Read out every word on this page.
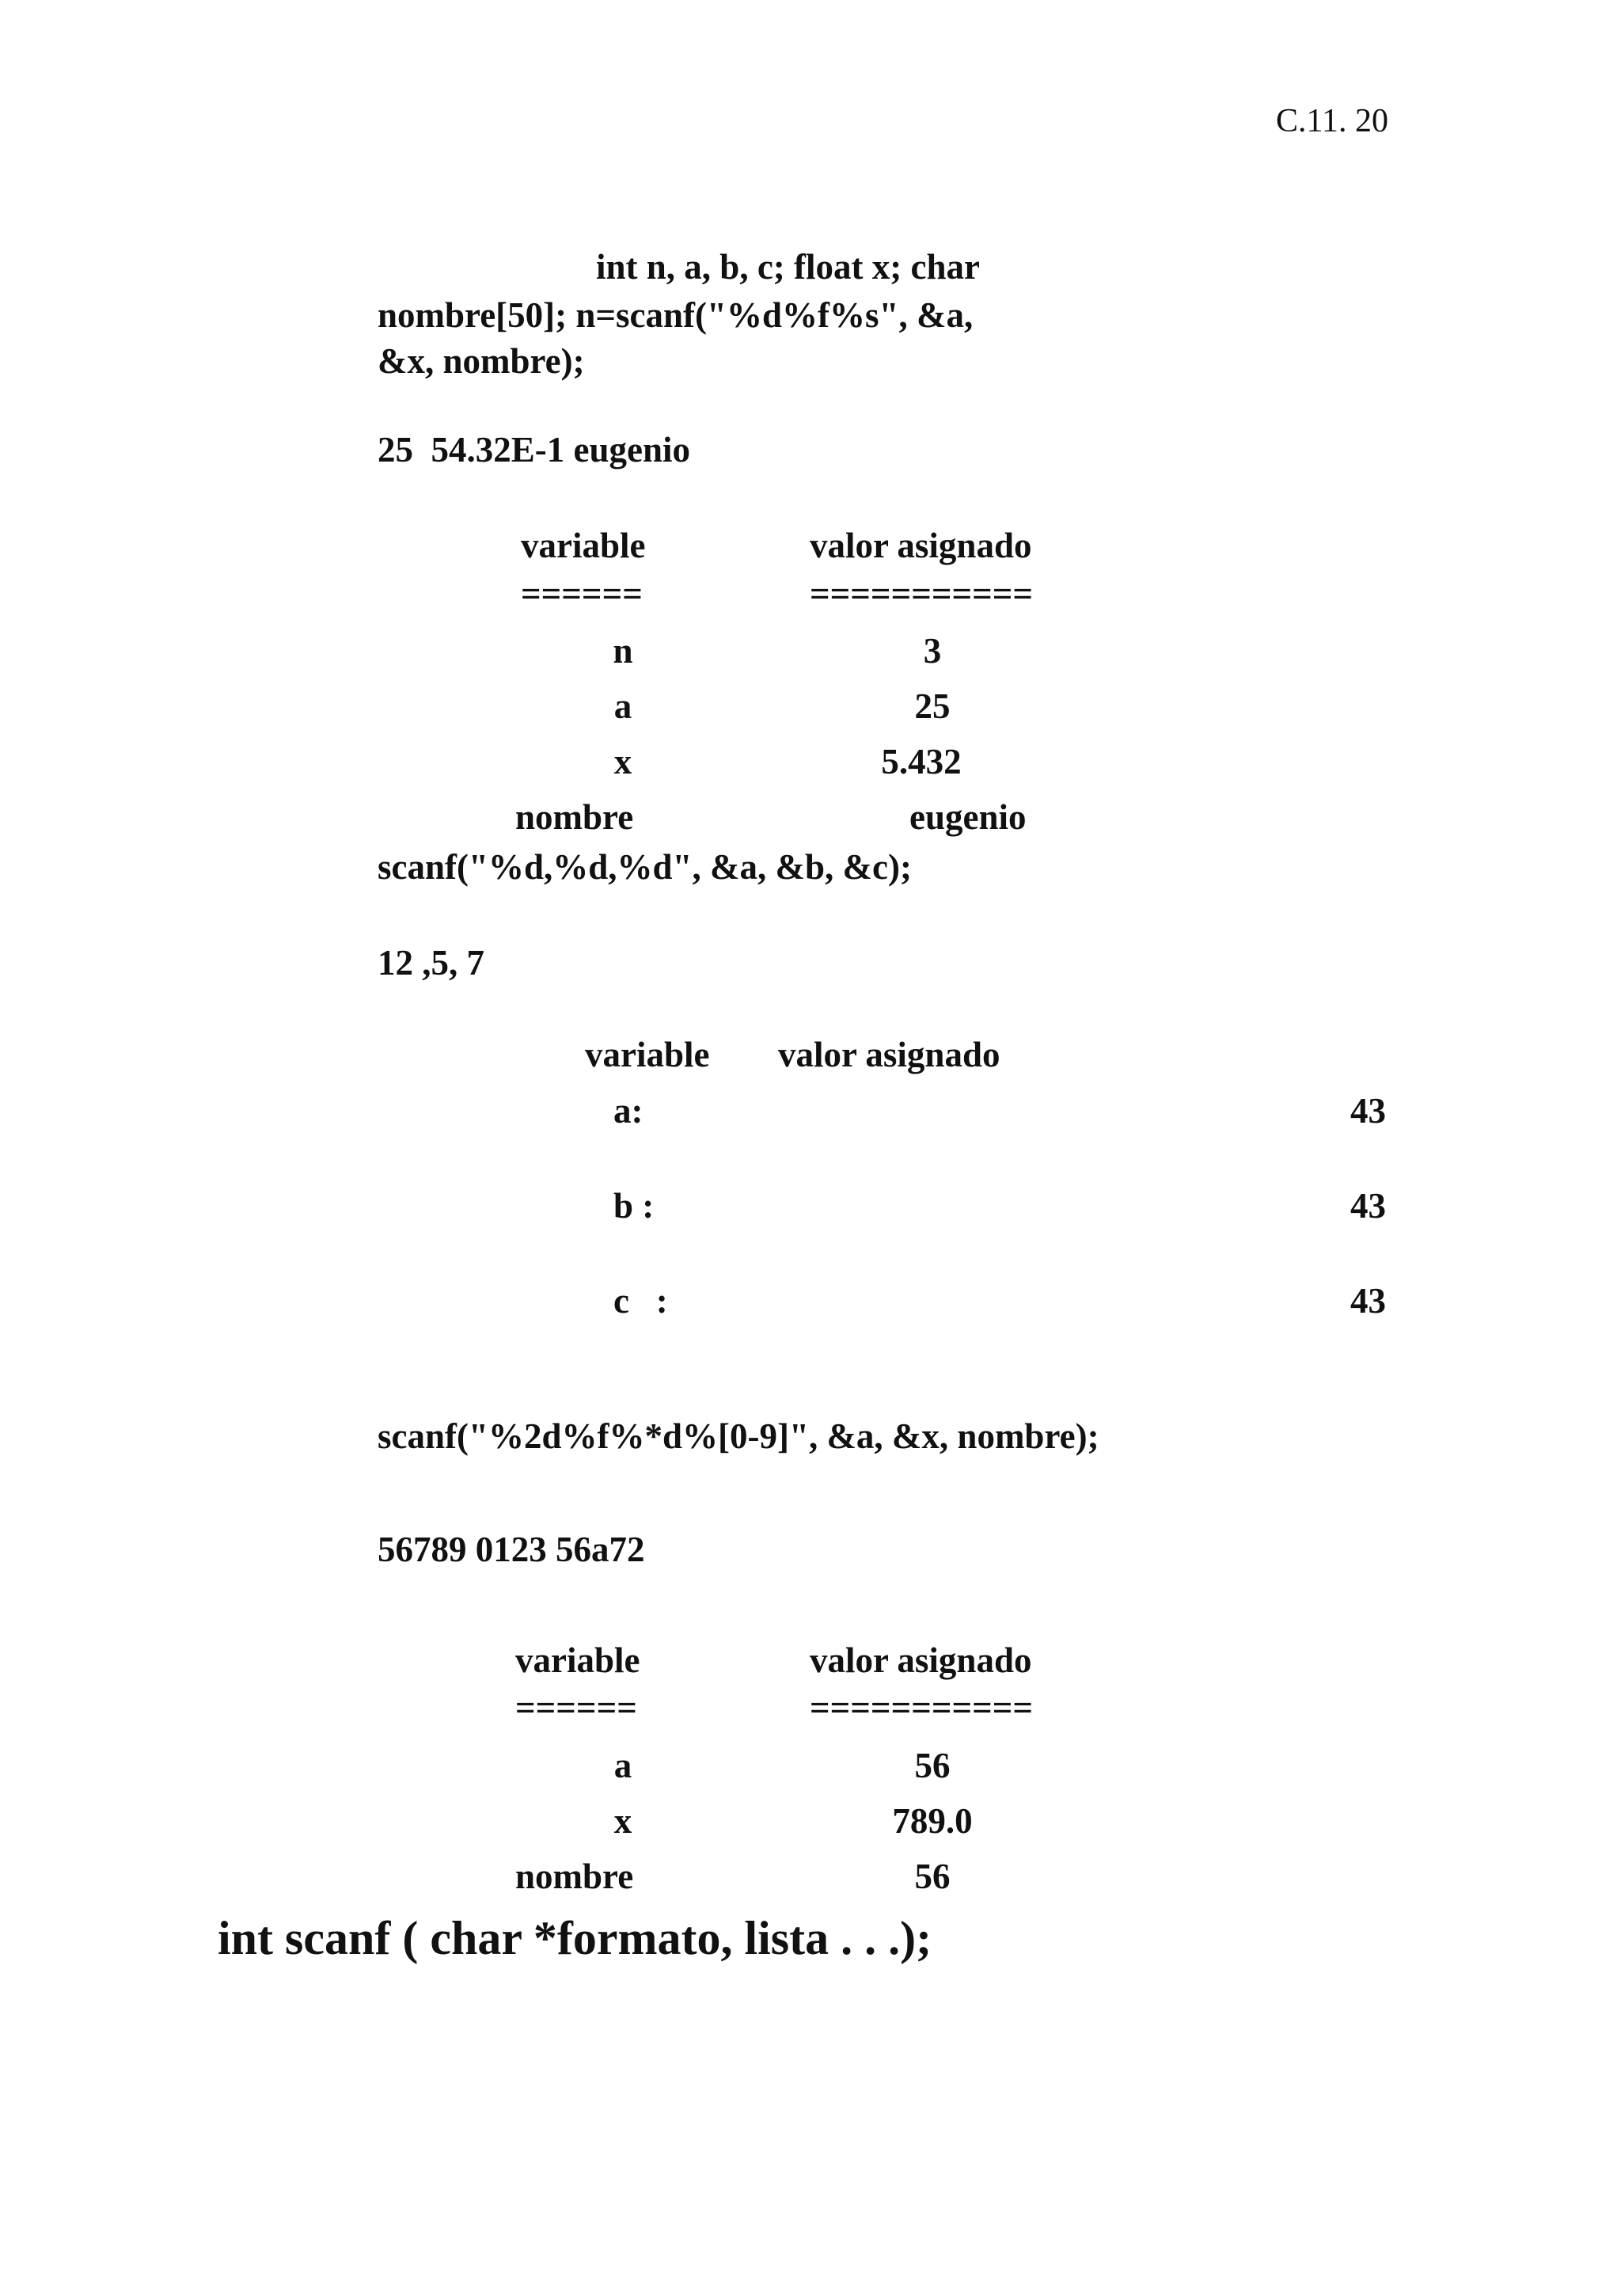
C.11. 20
int n, a, b, c; float x; char
nombre[50]; n=scanf("%d%f%s", &a,
&x, nombre);
25  54.32E-1 eugenio
variable	valor asignado
======	===========
n	3
a	25
x	5.432
nombre	eugenio
scanf("%d,%d,%d", &a, &b, &c);
12 ,5, 7
variable valor asignado
a:	43
b :	43
c   :	43
scanf("%2d%f%*d%[0-9]", &a, &x, nombre);
56789 0123 56a72
variable	valor asignado
======	===========
a	56
x	789.0
nombre	56
int scanf ( char *formato, lista . . .);
